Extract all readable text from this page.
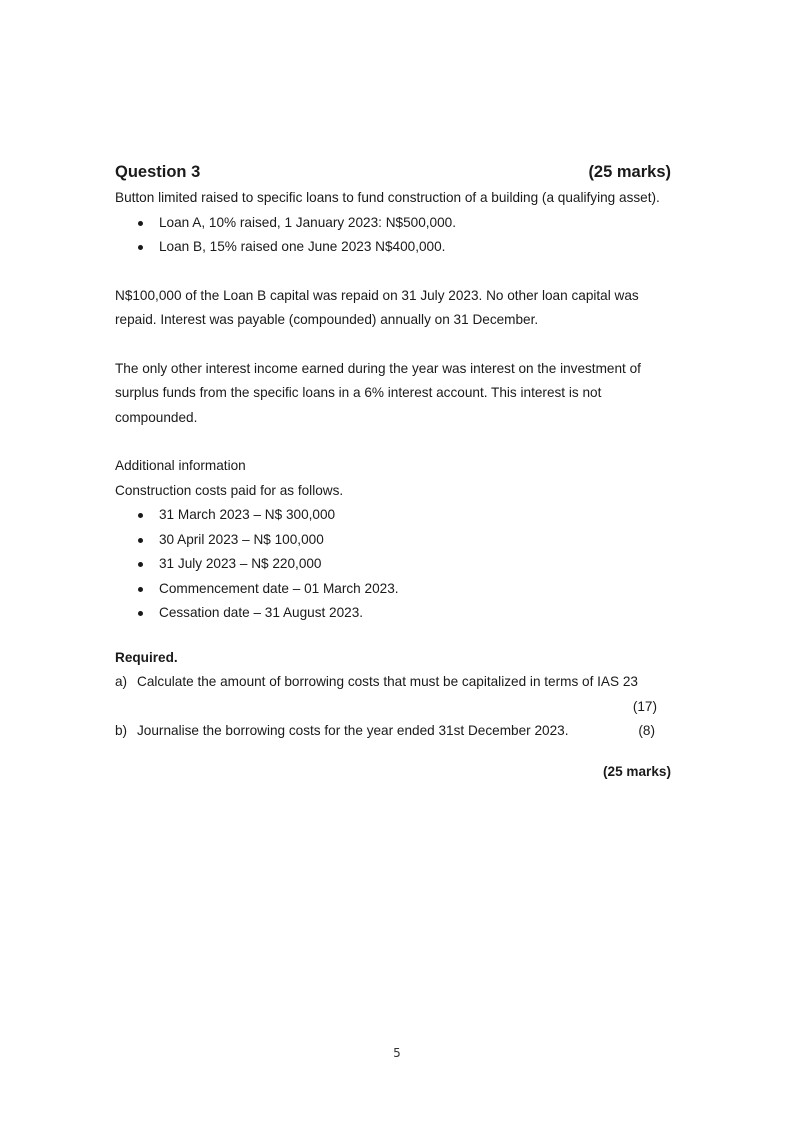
Question 3	(25 marks)

Button limited raised to specific loans to fund construction of a building (a qualifying asset).

Loan A, 10% raised, 1 January 2023: N$500,000.
Loan B, 15% raised one June 2023 N$400,000.

N$100,000 of the Loan B capital was repaid on 31 July 2023. No other loan capital was

repaid. Interest was payable (compounded) annually on 31 December.

The only other interest income earned during the year was interest on the investment of

surplus funds from the specific loans in a 6% interest account. This interest is not

compounded.

Additional information

Construction costs paid for as follows.

31 March 2023 – N$ 300,000
30 April 2023 – N$ 100,000
31 July 2023 – N$ 220,000
Commencement date – 01 March 2023.
Cessation date – 31 August 2023.

Required.

a) Calculate the amount of borrowing costs that must be capitalized in terms of IAS 23
(17)
b) Journalise the borrowing costs for the year ended 31st December 2023.	(8)
(25 marks)
5
